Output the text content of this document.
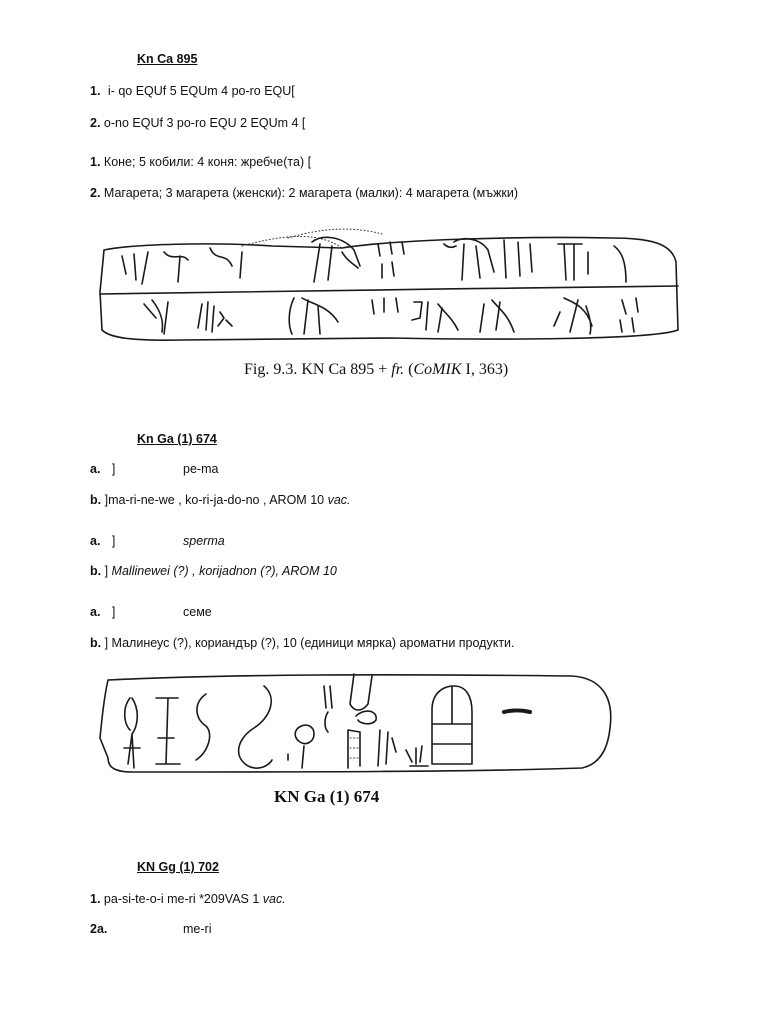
Kn Ca 895
1. i- qo EQUf 5 EQUm 4 po-ro EQU[
2. o-no EQUf 3 po-ro EQU 2 EQUm 4 [
1. Коне; 5 кобили: 4 коня: жребче(та) [
2. Магарета; 3 магарета (женски): 2 магарета (малки): 4 магарета (мъжки)
Fig. 9.3. KN Ca 895 + fr. (CoMIK I, 363)
Kn Ga (1) 674
a. ]	pe-ma
b. ]ma-ri-ne-we , ko-ri-ja-do-no , AROM 10 vac.
a. ]	sperma
b. ] Mallinewei (?) , korijadnon (?), AROM 10
a. ]	семе
b. ] Малинеус (?), кориандър (?), 10 (единици мярка) ароматни продукти.
KN Ga (1) 674
KN Gg (1) 702
1. pa-si-te-o-i me-ri *209VAS 1 vac.
2a.	me-ri
